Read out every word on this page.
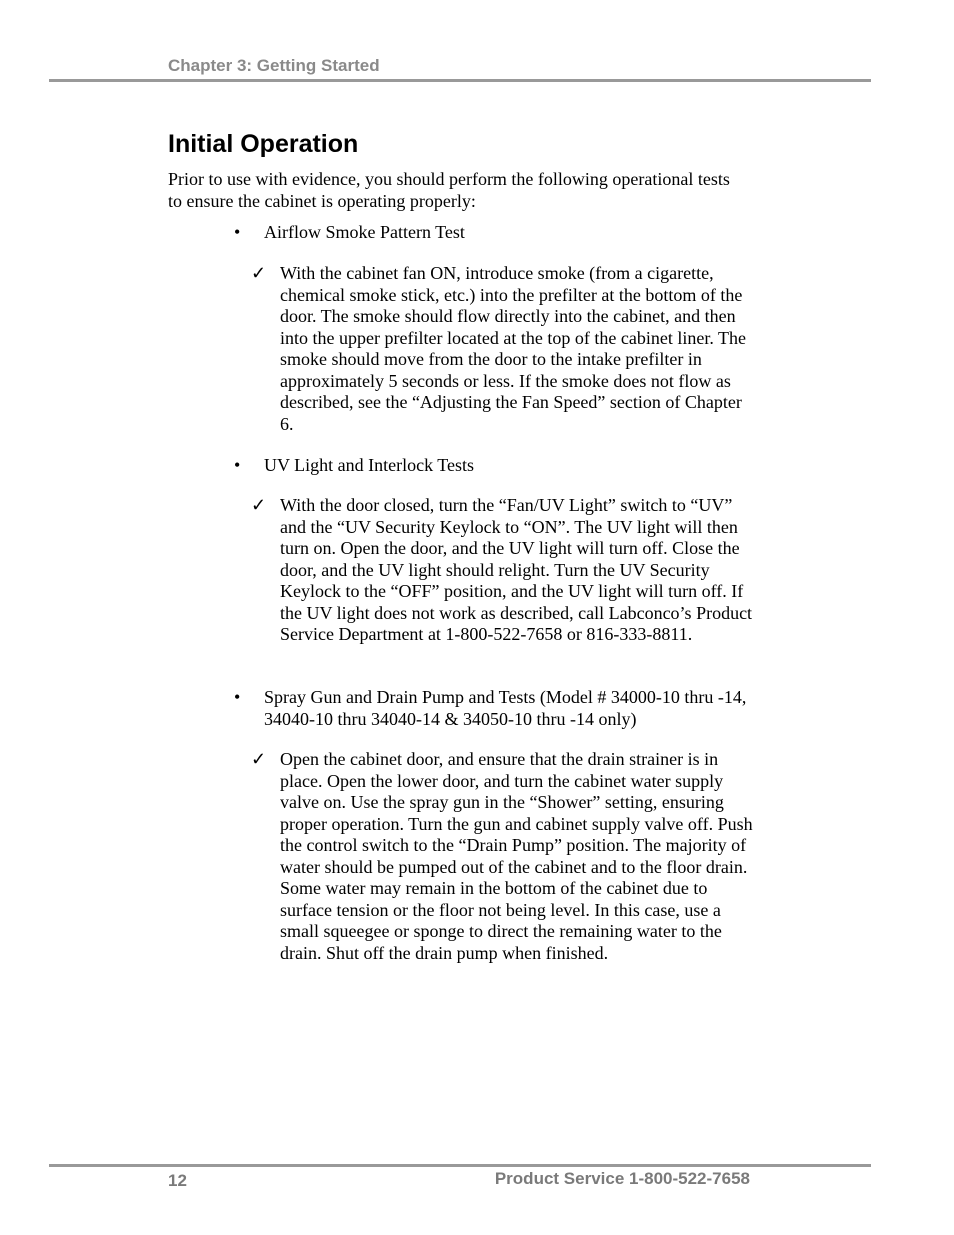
Chapter 3: Getting Started
Initial Operation

Prior to use with evidence, you should perform the following operational tests to ensure the cabinet is operating properly:

• Airflow Smoke Pattern Test
✓ With the cabinet fan ON, introduce smoke (from a cigarette, chemical smoke stick, etc.) into the prefilter at the bottom of the door. The smoke should flow directly into the cabinet, and then into the upper prefilter located at the top of the cabinet liner. The smoke should move from the door to the intake prefilter in approximately 5 seconds or less. If the smoke does not flow as described, see the “Adjusting the Fan Speed” section of Chapter 6.
• UV Light and Interlock Tests
✓ With the door closed, turn the “Fan/UV Light” switch to “UV” and the “UV Security Keylock to “ON”. The UV light will then turn on. Open the door, and the UV light will turn off. Close the door, and the UV light should relight. Turn the UV Security Keylock to the “OFF” position, and the UV light will turn off. If the UV light does not work as described, call Labconco’s Product Service Department at 1-800-522-7658 or 816-333-8811.
• Spray Gun and Drain Pump and Tests (Model # 34000-10 thru -14, 34040-10 thru 34040-14 & 34050-10 thru -14 only)
✓ Open the cabinet door, and ensure that the drain strainer is in place. Open the lower door, and turn the cabinet water supply valve on. Use the spray gun in the “Shower” setting, ensuring proper operation. Turn the gun and cabinet supply valve off. Push the control switch to the “Drain Pump” position. The majority of water should be pumped out of the cabinet and to the floor drain. Some water may remain in the bottom of the cabinet due to surface tension or the floor not being level. In this case, use a small squeegee or sponge to direct the remaining water to the drain. Shut off the drain pump when finished.
12	Product Service 1-800-522-7658
